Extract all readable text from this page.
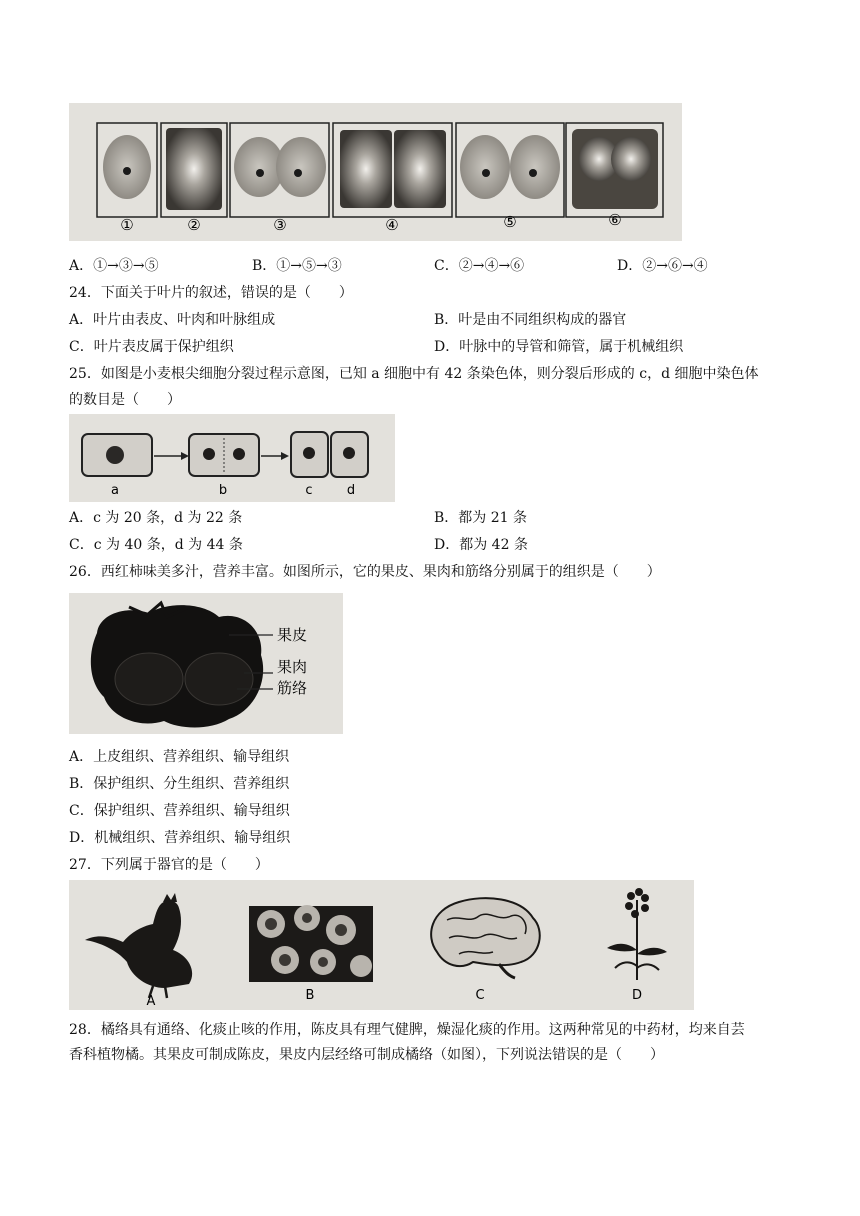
①	②	③	④	⑤	⑥
A．①→③→⑤	B．①→⑤→③	C．②→④→⑥	D．②→⑥→④
24．下面关于叶片的叙述，错误的是（　　）
A．叶片由表皮、叶肉和叶脉组成	B．叶是由不同组织构成的器官
C．叶片表皮属于保护组织	D．叶脉中的导管和筛管，属于机械组织
25．如图是小麦根尖细胞分裂过程示意图，已知 a 细胞中有 42 条染色体，则分裂后形成的 c，d 细胞中染色体
的数目是（　　）
a	b	c	d
A．c 为 20 条，d 为 22 条	B．都为 21 条
C．c 为 40 条，d 为 44 条	D．都为 42 条
26．西红柿味美多汁，营养丰富。如图所示，它的果皮、果肉和筋络分别属于的组织是（　　）
果皮
果肉
筋络
A．上皮组织、营养组织、输导组织
B．保护组织、分生组织、营养组织
C．保护组织、营养组织、输导组织
D．机械组织、营养组织、输导组织
27．下列属于器官的是（　　）
A	B	C	D
28．橘络具有通络、化痰止咳的作用，陈皮具有理气健脾，燥湿化痰的作用。这两种常见的中药材，均来自芸
香科植物橘。其果皮可制成陈皮，果皮内层经络可制成橘络（如图），下列说法错误的是（　　）
